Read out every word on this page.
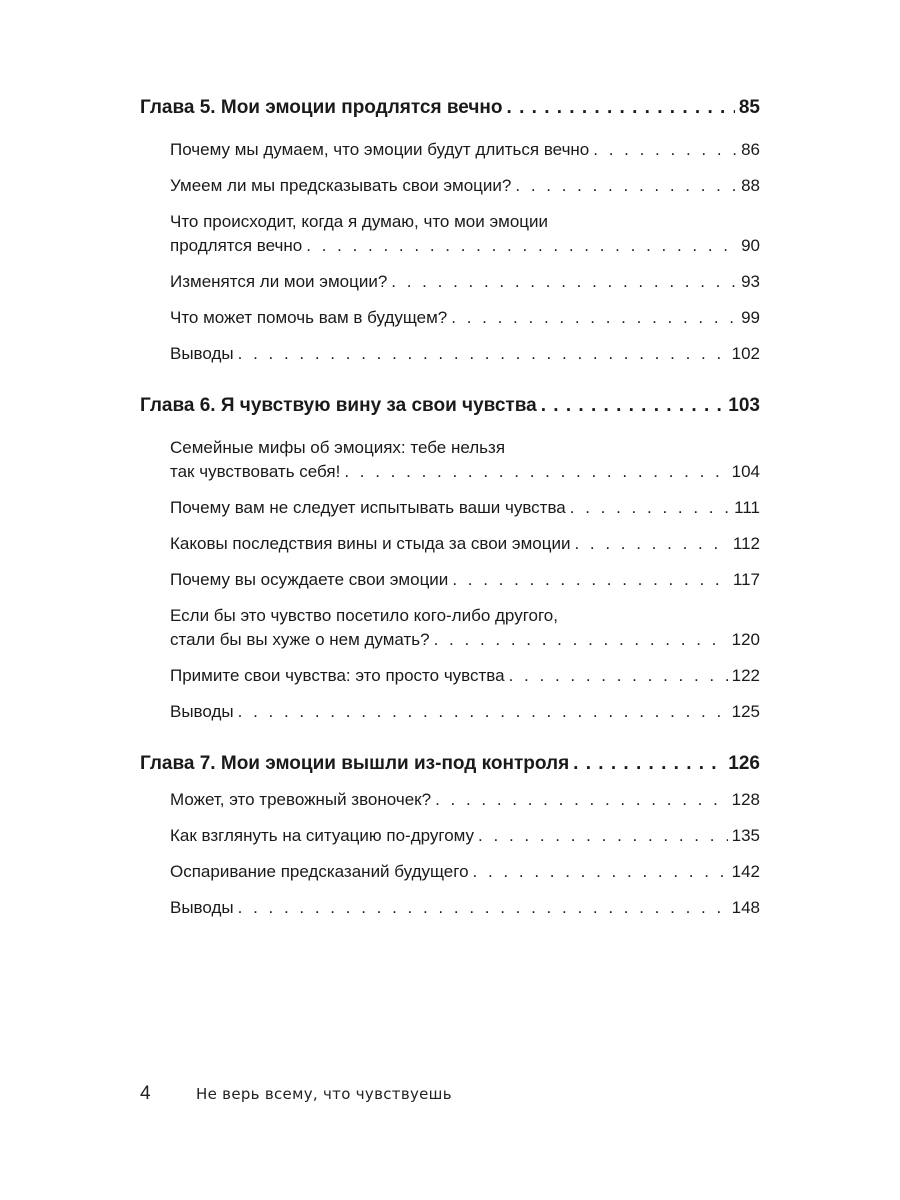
Глава 5. Мои эмоции продлятся вечно . . .	85
Почему мы думаем, что эмоции будут длиться вечно . . .	86
Умеем ли мы предсказывать свои эмоции? . . .	88
Что происходит, когда я думаю, что мои эмоции
продлятся вечно . . .	90
Изменятся ли мои эмоции? . . .	93
Что может помочь вам в будущем? . . .	99
Выводы . . .	102
Глава 6. Я чувствую вину за свои чувства . . .	103
Семейные мифы об эмоциях: тебе нельзя
так чувствовать себя! . . .	104
Почему вам не следует испытывать ваши чувства . . .	111
Каковы последствия вины и стыда за свои эмоции . . .	112
Почему вы осуждаете свои эмоции . . .	117
Если бы это чувство посетило кого-либо другого,
стали бы вы хуже о нем думать? . . .	120
Примите свои чувства: это просто чувства . . .	122
Выводы . . .	125
Глава 7. Мои эмоции вышли из-под контроля . . .	126
Может, это тревожный звоночек? . . .	128
Как взглянуть на ситуацию по-другому . . .	135
Оспаривание предсказаний будущего . . .	142
Выводы . . .	148
4	Не верь всему, что чувствуешь
